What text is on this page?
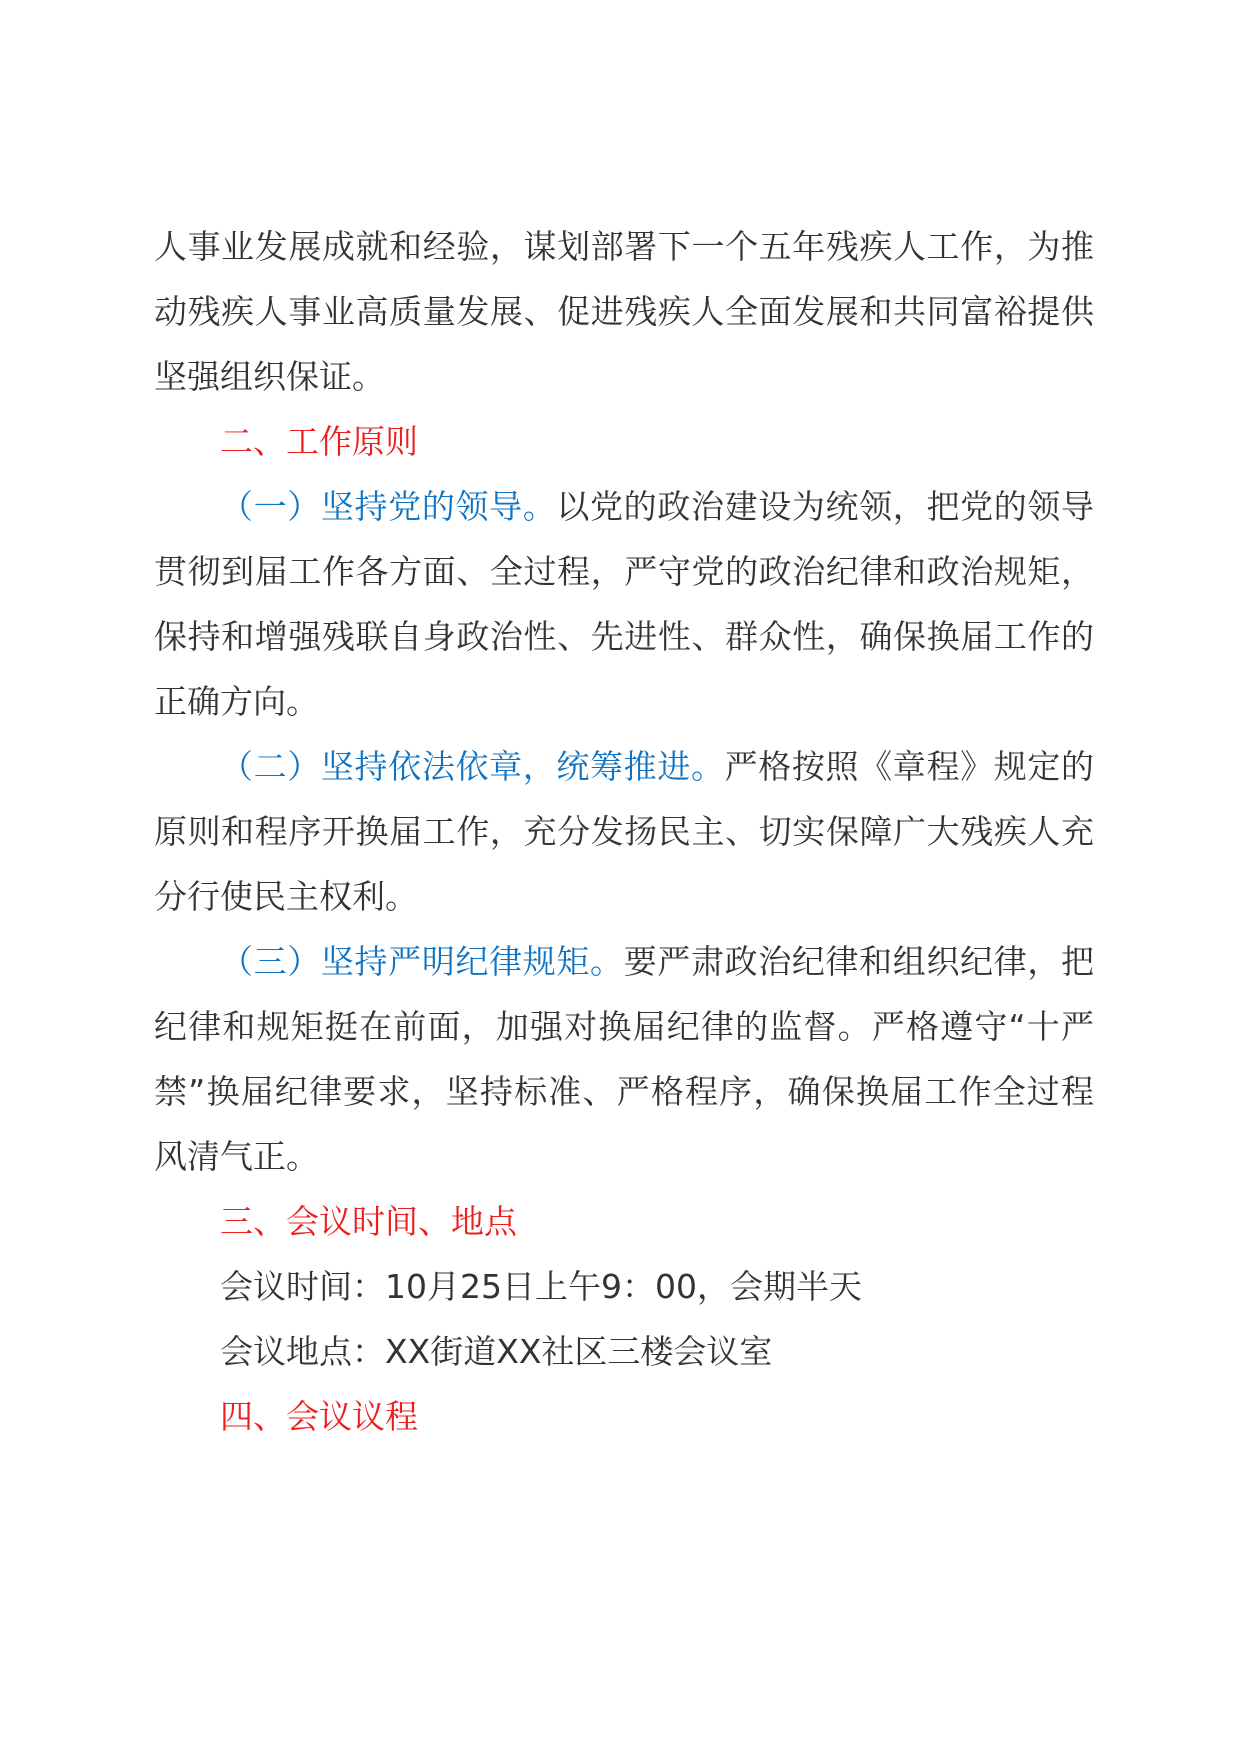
人事业发展成就和经验，谋划部署下一个五年残疾人工作，为推动残疾人事业高质量发展、促进残疾人全面发展和共同富裕提供坚强组织保证。

二、工作原则

（一）坚持党的领导。以党的政治建设为统领，把党的领导贯彻到届工作各方面、全过程，严守党的政治纪律和政治规矩，保持和增强残联自身政治性、先进性、群众性，确保换届工作的正确方向。

（二）坚持依法依章，统筹推进。严格按照《章程》规定的原则和程序开换届工作，充分发扬民主、切实保障广大残疾人充分行使民主权利。

（三）坚持严明纪律规矩。要严肃政治纪律和组织纪律，把纪律和规矩挺在前面，加强对换届纪律的监督。严格遵守“十严禁”换届纪律要求，坚持标准、严格程序，确保换届工作全过程风清气正。

三、会议时间、地点

会议时间：10月25日上午9：00，会期半天

会议地点：XX街道XX社区三楼会议室

四、会议议程
